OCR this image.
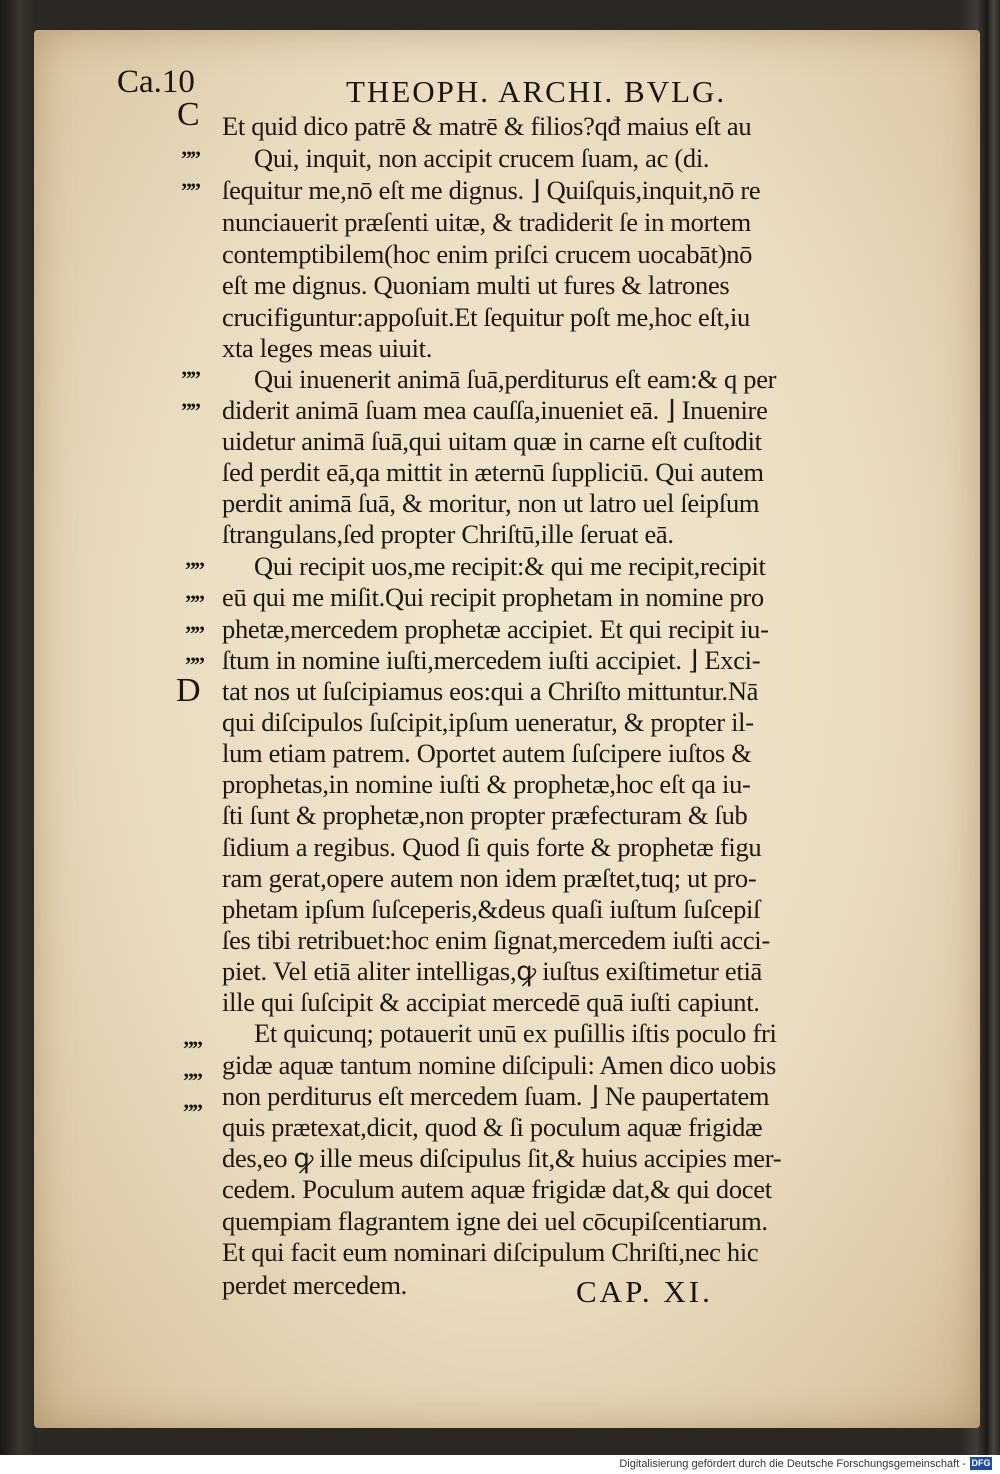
Ca.10	THEOPH. ARCHI. BVLG.
C
D
””
””
””
””
””
””
””
””
””
””
””
Et quid dico patrē & matrē & filios?qđ maius eſt au
Qui, inquit, non accipit crucem ſuam, ac (di.
ſequitur me,nō eſt me dignus. ⌋ Quiſquis,inquit,nō re
nunciauerit præſenti uitæ, & tradiderit ſe in mortem
contemptibilem(hoc enim priſci crucem uocabāt)nō
eſt me dignus. Quoniam multi ut fures & latrones
crucifiguntur:appoſuit.Et ſequitur poſt me,hoc eſt,iu
xta leges meas uiuit.
Qui inuenerit animā ſuā,perditurus eſt eam:& q per
diderit animā ſuam mea cauſſa,inueniet eā. ⌋ Inuenire
uidetur animā ſuā,qui uitam quæ in carne eſt cuſtodit
ſed perdit eā,qa mittit in æternū ſuppliciū. Qui autem
perdit animā ſuā, & moritur, non ut latro uel ſeipſum
ſtrangulans,ſed propter Chriſtū,ille ſeruat eā.
Qui recipit uos,me recipit:& qui me recipit,recipit
eū qui me miſit.Qui recipit prophetam in nomine pro
phetæ,mercedem prophetæ accipiet. Et qui recipit iu-
ſtum in nomine iuſti,mercedem iuſti accipiet. ⌋ Exci-
tat nos ut ſuſcipiamus eos:qui a Chriſto mittuntur.Nā
qui diſcipulos ſuſcipit,ipſum ueneratur, & propter il-
lum etiam patrem. Oportet autem ſuſcipere iuſtos &
prophetas,in nomine iuſti & prophetæ,hoc eſt qa iu-
ſti ſunt & prophetæ,non propter præfecturam & ſub
ſidium a regibus. Quod ſi quis forte & prophetæ figu
ram gerat,opere autem non idem præſtet,tuq; ut pro-
phetam ipſum ſuſceperis,&deus quaſi iuſtum ſuſcepiſ
ſes tibi retribuet:hoc enim ſignat,mercedem iuſti acci-
piet. Vel etiā aliter intelligas,ꝙ iuſtus exiſtimetur etiā
ille qui ſuſcipit & accipiat mercedē quā iuſti capiunt.
Et quicunq; potauerit unū ex puſillis iſtis poculo fri
gidæ aquæ tantum nomine diſcipuli: Amen dico uobis
non perditurus eſt mercedem ſuam. ⌋ Ne paupertatem
quis prætexat,dicit, quod & ſi poculum aquæ frigidæ
des,eo ꝙ ille meus diſcipulus ſit,& huius accipies mer-
cedem. Poculum autem aquæ frigidæ dat,& qui docet
quempiam flagrantem igne dei uel cōcupiſcentiarum.
Et qui facit eum nominari diſcipulum Chriſti,nec hic
perdet mercedem.	CAP. XI.
Digitalisierung gefördert durch die Deutsche Forschungsgemeinschaft - DFG
